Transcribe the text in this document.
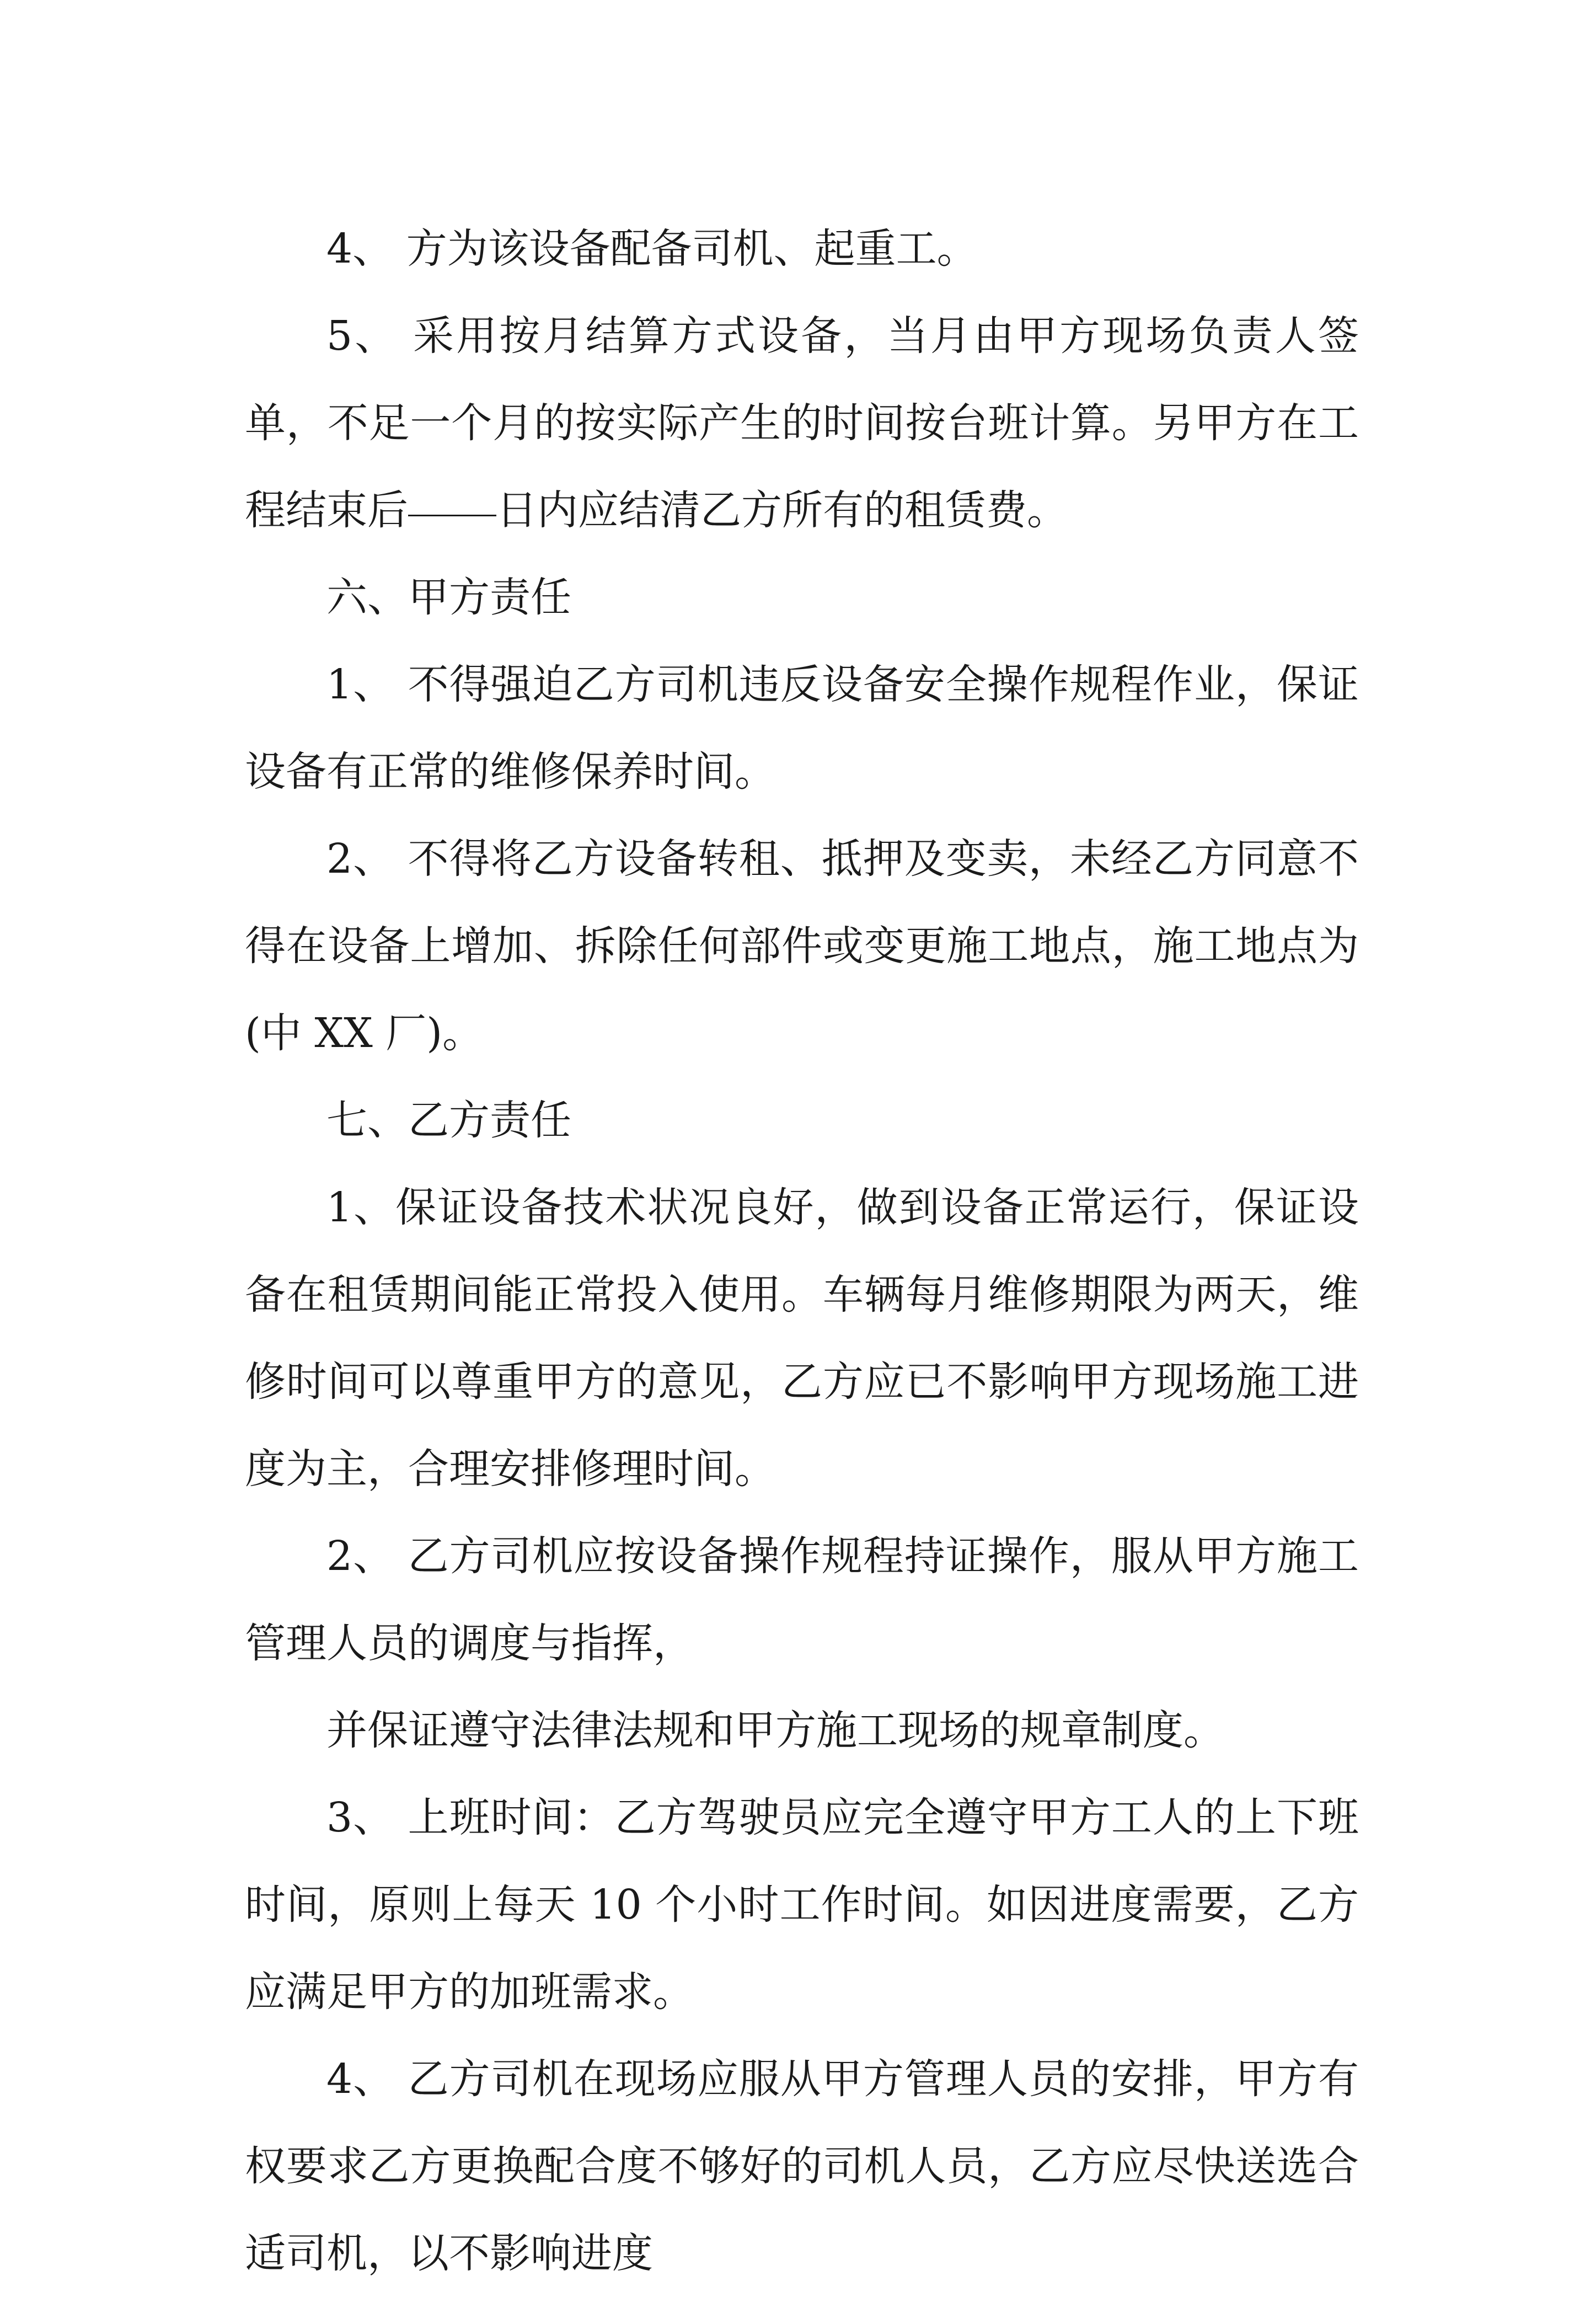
4、 方为该设备配备司机、起重工。

5、 采用按月结算方式设备，当月由甲方现场负责人签单，不足一个月的按实际产生的时间按台班计算。另甲方在工程结束后 日内应结清乙方所有的租赁费。

六、甲方责任

1、 不得强迫乙方司机违反设备安全操作规程作业，保证设备有正常的维修保养时间。

2、 不得将乙方设备转租、抵押及变卖，未经乙方同意不得在设备上增加、拆除任何部件或变更施工地点，施工地点为(中 XX 厂)。

七、乙方责任

1、保证设备技术状况良好，做到设备正常运行，保证设备在租赁期间能正常投入使用。车辆每月维修期限为两天，维修时间可以尊重甲方的意见，乙方应已不影响甲方现场施工进度为主，合理安排修理时间。

2、 乙方司机应按设备操作规程持证操作，服从甲方施工管理人员的调度与指挥，

并保证遵守法律法规和甲方施工现场的规章制度。

3、 上班时间：乙方驾驶员应完全遵守甲方工人的上下班时间，原则上每天 10 个小时工作时间。如因进度需要，乙方应满足甲方的加班需求。

4、 乙方司机在现场应服从甲方管理人员的安排，甲方有权要求乙方更换配合度不够好的司机人员，乙方应尽快送选合适司机，以不影响进度
